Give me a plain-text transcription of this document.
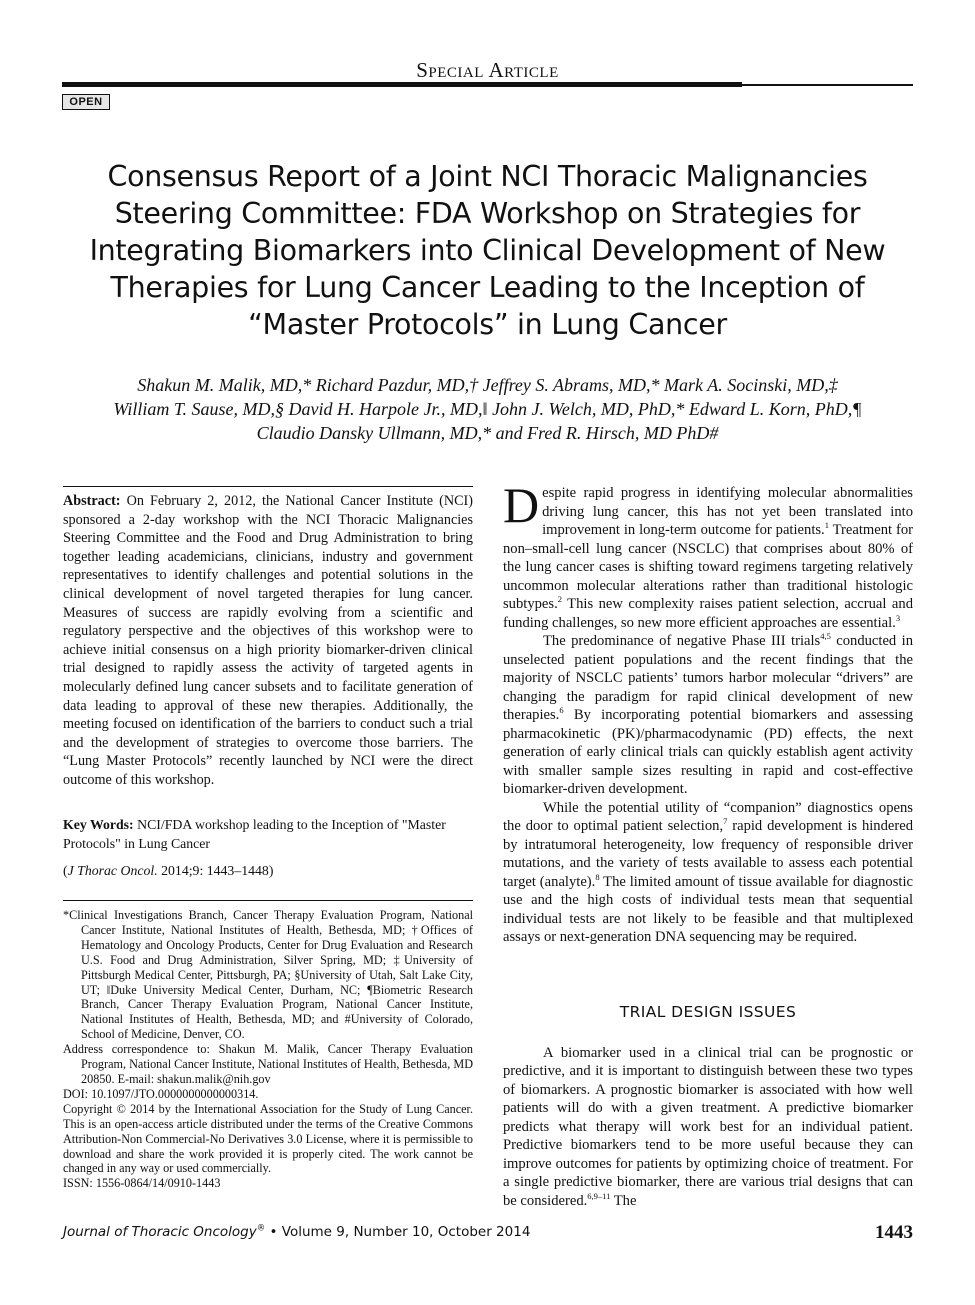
Special Article
OPEN
Consensus Report of a Joint NCI Thoracic Malignancies Steering Committee: FDA Workshop on Strategies for Integrating Biomarkers into Clinical Development of New Therapies for Lung Cancer Leading to the Inception of “Master Protocols” in Lung Cancer
Shakun M. Malik, MD,* Richard Pazdur, MD,† Jeffrey S. Abrams, MD,* Mark A. Socinski, MD,‡
William T. Sause, MD,§ David H. Harpole Jr., MD,‖ John J. Welch, MD, PhD,* Edward L. Korn, PhD,¶
Claudio Dansky Ullmann, MD,* and Fred R. Hirsch, MD PhD#
Abstract: On February 2, 2012, the National Cancer Institute (NCI) sponsored a 2-day workshop with the NCI Thoracic Malignancies Steering Committee and the Food and Drug Administration to bring together leading academicians, clinicians, industry and government representatives to identify challenges and potential solutions in the clinical development of novel targeted therapies for lung cancer. Measures of success are rapidly evolving from a scientific and regulatory perspective and the objectives of this workshop were to achieve initial consensus on a high priority biomarker-driven clinical trial designed to rapidly assess the activity of targeted agents in molecularly defined lung cancer subsets and to facilitate generation of data leading to approval of these new therapies. Additionally, the meeting focused on identification of the barriers to conduct such a trial and the development of strategies to overcome those barriers. The “Lung Master Protocols” recently launched by NCI were the direct outcome of this workshop.
Key Words: NCI/FDA workshop leading to the Inception of "Master Protocols" in Lung Cancer
(J Thorac Oncol. 2014;9: 1443–1448)

*Clinical Investigations Branch, Cancer Therapy Evaluation Program, National Cancer Institute, National Institutes of Health, Bethesda, MD; †Offices of Hematology and Oncology Products, Center for Drug Evaluation and Research U.S. Food and Drug Administration, Silver Spring, MD; ‡University of Pittsburgh Medical Center, Pittsburgh, PA; §University of Utah, Salt Lake City, UT; ‖Duke University Medical Center, Durham, NC; ¶Biometric Research Branch, Cancer Therapy Evaluation Program, National Cancer Institute, National Institutes of Health, Bethesda, MD; and #University of Colorado, School of Medicine, Denver, CO.

Address correspondence to: Shakun M. Malik, Cancer Therapy Evaluation Program, National Cancer Institute, National Institutes of Health, Bethesda, MD 20850. E-mail: shakun.malik@nih.gov

DOI: 10.1097/JTO.0000000000000314.

Copyright © 2014 by the International Association for the Study of Lung Cancer. This is an open-access article distributed under the terms of the Creative Commons Attribution-Non Commercial-No Derivatives 3.0 License, where it is permissible to download and share the work provided it is properly cited. The work cannot be changed in any way or used commercially.

ISSN: 1556-0864/14/0910-1443

Despite rapid progress in identifying molecular abnormalities driving lung cancer, this has not yet been translated into improvement in long-term outcome for patients.$^1$ Treatment for non–small-cell lung cancer (NSCLC) that comprises about 80% of the lung cancer cases is shifting toward regimens targeting relatively uncommon molecular alterations rather than traditional histologic subtypes.$^2$ This new complexity raises patient selection, accrual and funding challenges, so new more efficient approaches are essential.$^3$

The predominance of negative Phase III trials$^{4,5}$ conducted in unselected patient populations and the recent findings that the majority of NSCLC patients’ tumors harbor molecular “drivers” are changing the paradigm for rapid clinical development of new therapies.$^6$ By incorporating potential biomarkers and assessing pharmacokinetic (PK)/pharmacodynamic (PD) effects, the next generation of early clinical trials can quickly establish agent activity with smaller sample sizes resulting in rapid and cost-effective biomarker-driven development.

While the potential utility of “companion” diagnostics opens the door to optimal patient selection,$^7$ rapid development is hindered by intratumoral heterogeneity, low frequency of responsible driver mutations, and the variety of tests available to assess each potential target (analyte).$^8$ The limited amount of tissue available for diagnostic use and the high costs of individual tests mean that sequential individual tests are not likely to be feasible and that multiplexed assays or next-generation DNA sequencing may be required.

TRIAL DESIGN ISSUES

A biomarker used in a clinical trial can be prognostic or predictive, and it is important to distinguish between these two types of biomarkers. A prognostic biomarker is associated with how well patients will do with a given treatment. A predictive biomarker predicts what therapy will work best for an individual patient. Predictive biomarkers tend to be more useful because they can improve outcomes for patients by optimizing choice of treatment. For a single predictive biomarker, there are various trial designs that can be considered.$^{6,9-11}$ The

Journal of Thoracic Oncology® • Volume 9, Number 10, October 2014	1443
